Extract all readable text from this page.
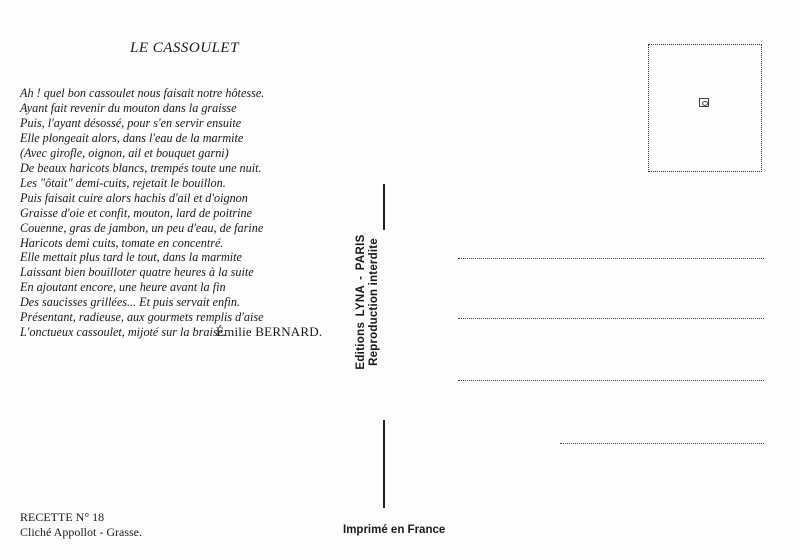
LE CASSOULET
Ah ! quel bon cassoulet nous faisait notre hôtesse.
Ayant fait revenir du mouton dans la graisse
Puis, l'ayant désossé, pour s'en servir ensuite
Elle plongeait alors, dans l'eau de la marmite
(Avec girofle, oignon, ail et bouquet garni)
De beaux haricots blancs, trempés toute une nuit.
Les "ôtait" demi-cuits, rejetait le bouillon.
Puis faisait cuire alors hachis d'ail et d'oignon
Graisse d'oie et confit, mouton, lard de poitrine
Couenne, gras de jambon, un peu d'eau, de farine
Haricots demi cuits, tomate en concentré.
Elle mettait plus tard le tout, dans la marmite
Laissant bien bouilloter quatre heures à la suite
En ajoutant encore, une heure avant la fin
Des saucisses grillées... Et puis servait enfin.
Présentant, radieuse, aux gourmets remplis d'aise
L'onctueux cassoulet, mijoté sur la braise.
Émilie BERNARD.	Editions LYNA - PARIS Reproduction interdite
RECETTE N° 18
Cliché Appollot - Grasse.	Imprimé en France
